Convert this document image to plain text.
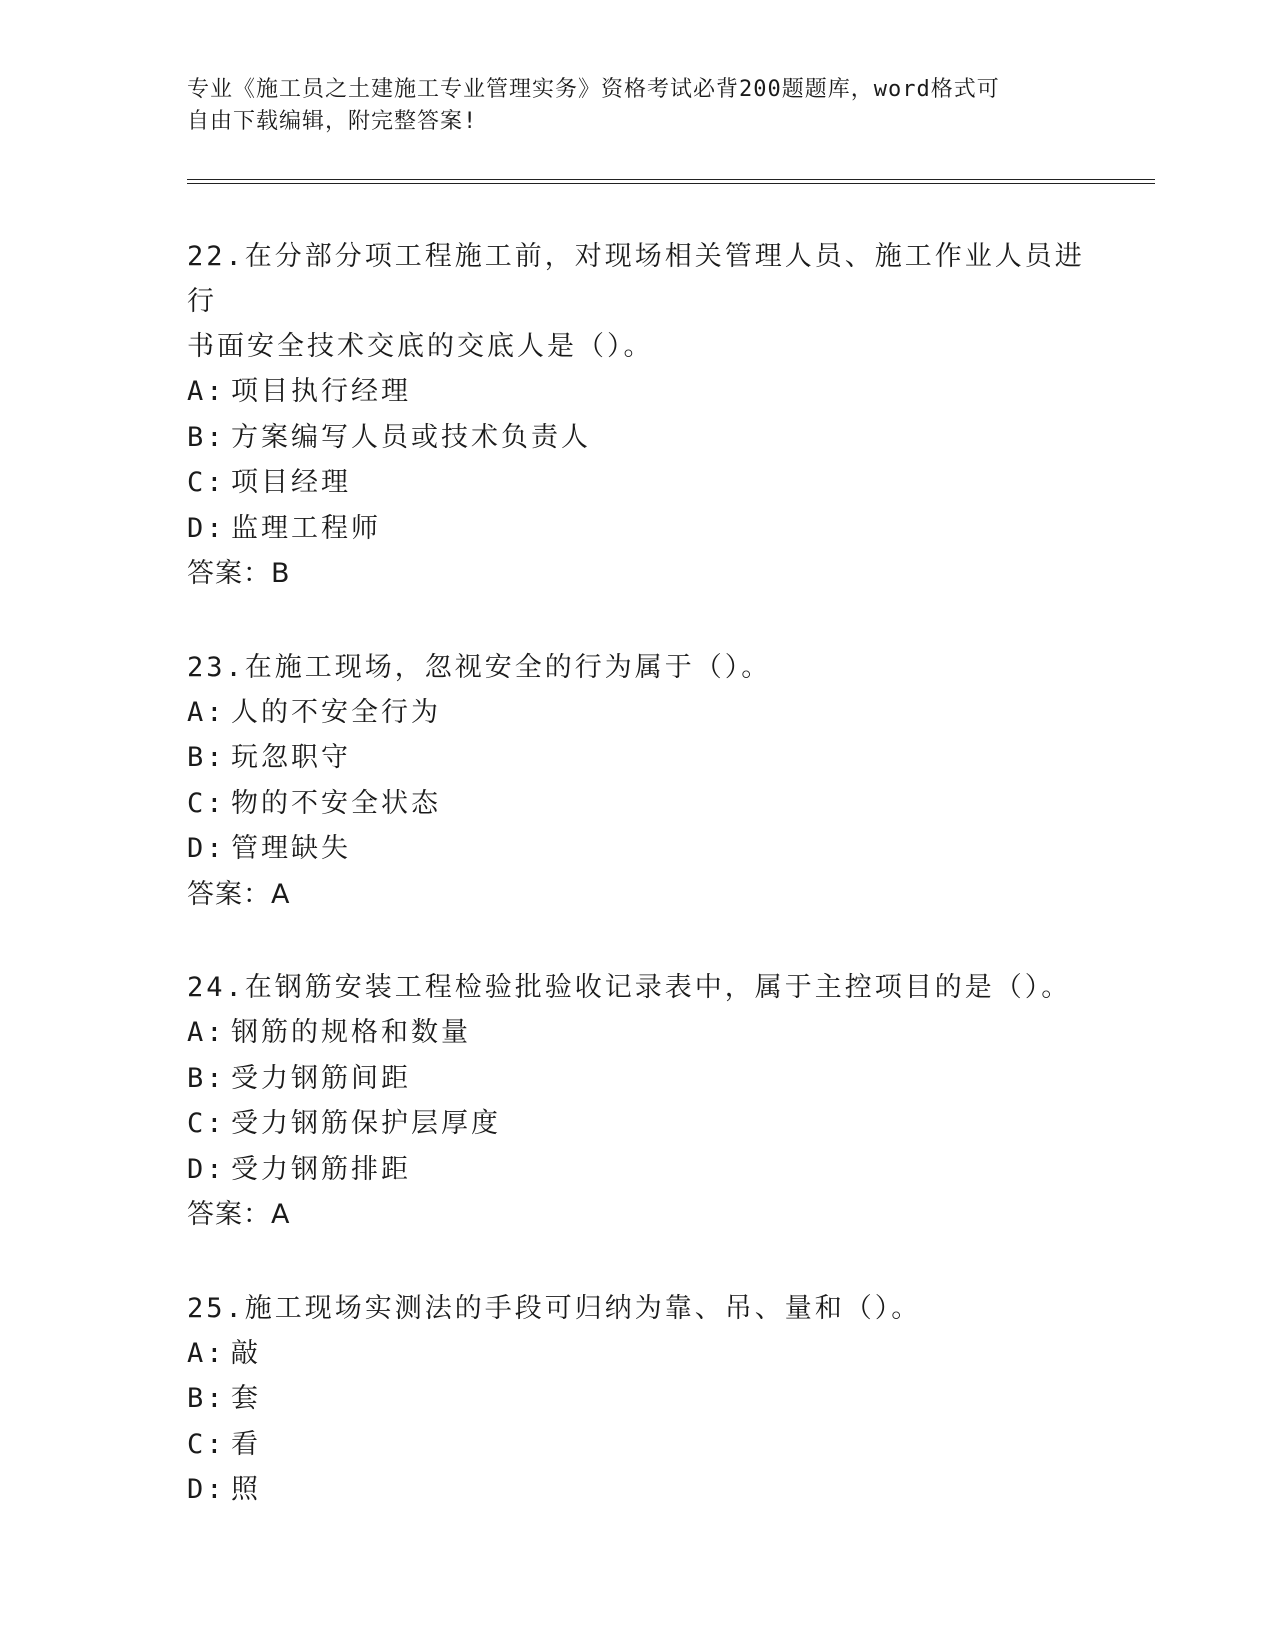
专业《施工员之土建施工专业管理实务》资格考试必背200题题库，word格式可
自由下载编辑，附完整答案!

22.在分部分项工程施工前，对现场相关管理人员、施工作业人员进行

书面安全技术交底的交底人是（）。

A: 项目执行经理

B: 方案编写人员或技术负责人

C: 项目经理

D: 监理工程师

答案：B

23.在施工现场，忽视安全的行为属于（）。

A: 人的不安全行为

B: 玩忽职守

C: 物的不安全状态

D: 管理缺失

答案：A

24.在钢筋安装工程检验批验收记录表中，属于主控项目的是（）。

A: 钢筋的规格和数量

B: 受力钢筋间距

C: 受力钢筋保护层厚度

D: 受力钢筋排距

答案：A

25.施工现场实测法的手段可归纳为靠、吊、量和（）。

A: 敲

B: 套

C: 看

D: 照
